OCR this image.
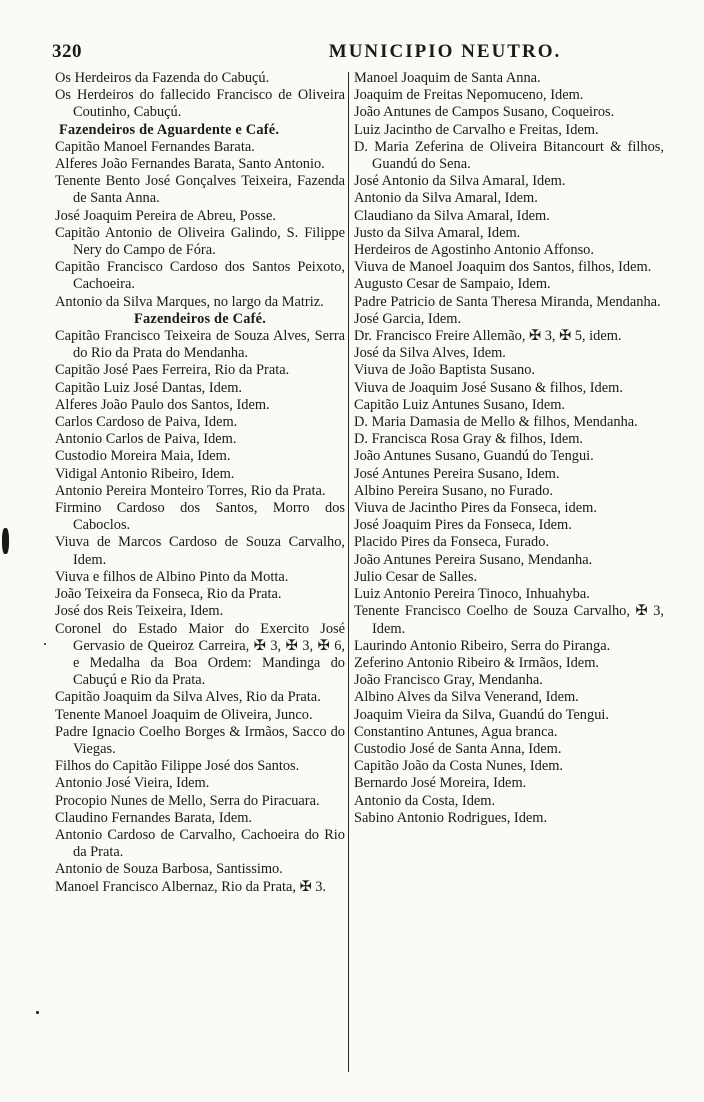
320	MUNICIPIO NEUTRO.

Os Herdeiros da Fazenda do Cabuçú.

Os Herdeiros do fallecido Francisco de Oliveira Coutinho, Cabuçú.

Fazendeiros de Aguardente e Café.

Capitão Manoel Fernandes Barata.

Alferes João Fernandes Barata, Santo Antonio.

Tenente Bento José Gonçalves Teixeira, Fazenda de Santa Anna.

José Joaquim Pereira de Abreu, Posse.

Capitão Antonio de Oliveira Galindo, S. Filippe Nery do Campo de Fóra.

Capitão Francisco Cardoso dos Santos Peixoto, Cachoeira.

Antonio da Silva Marques, no largo da Matriz.

Fazendeiros de Café.

Capitão Francisco Teixeira de Souza Alves, Serra do Rio da Prata do Mendanha.

Capitão José Paes Ferreira, Rio da Prata.

Capitão Luiz José Dantas, Idem.

Alferes João Paulo dos Santos, Idem.

Carlos Cardoso de Paiva, Idem.

Antonio Carlos de Paiva, Idem.

Custodio Moreira Maia, Idem.

Vidigal Antonio Ribeiro, Idem.

Antonio Pereira Monteiro Torres, Rio da Prata.

Firmino Cardoso dos Santos, Morro dos Caboclos.

Viuva de Marcos Cardoso de Souza Carvalho, Idem.

Viuva e filhos de Albino Pinto da Motta.

João Teixeira da Fonseca, Rio da Prata.

José dos Reis Teixeira, Idem.

Coronel do Estado Maior do Exercito José Gervasio de Queiroz Carreira, ✠ 3, ✠ 3, ✠ 6, e Medalha da Boa Ordem: Mandinga do Cabuçú e Rio da Prata.

Capitão Joaquim da Silva Alves, Rio da Prata.

Tenente Manoel Joaquim de Oliveira, Junco.

Padre Ignacio Coelho Borges & Irmãos, Sacco do Viegas.

Filhos do Capitão Filippe José dos Santos.

Antonio José Vieira, Idem.

Procopio Nunes de Mello, Serra do Piracuara.

Claudino Fernandes Barata, Idem.

Antonio Cardoso de Carvalho, Cachoeira do Rio da Prata.

Antonio de Souza Barbosa, Santissimo.

Manoel Francisco Albernaz, Rio da Prata, ✠ 3.

Manoel Joaquim de Santa Anna.

Joaquim de Freitas Nepomuceno, Idem.

João Antunes de Campos Susano, Coqueiros.

Luiz Jacintho de Carvalho e Freitas, Idem.

D. Maria Zeferina de Oliveira Bitancourt & filhos, Guandú do Sena.

José Antonio da Silva Amaral, Idem.

Antonio da Silva Amaral, Idem.

Claudiano da Silva Amaral, Idem.

Justo da Silva Amaral, Idem.

Herdeiros de Agostinho Antonio Affonso.

Viuva de Manoel Joaquim dos Santos, filhos, Idem.

Augusto Cesar de Sampaio, Idem.

Padre Patricio de Santa Theresa Miranda, Mendanha.

José Garcia, Idem.

Dr. Francisco Freire Allemão, ✠ 3, ✠ 5, idem.

José da Silva Alves, Idem.

Viuva de João Baptista Susano.

Viuva de Joaquim José Susano & filhos, Idem.

Capitão Luiz Antunes Susano, Idem.

D. Maria Damasia de Mello & filhos, Mendanha.

D. Francisca Rosa Gray & filhos, Idem.

João Antunes Susano, Guandú do Tengui.

José Antunes Pereira Susano, Idem.

Albino Pereira Susano, no Furado.

Viuva de Jacintho Pires da Fonseca, idem.

José Joaquim Pires da Fonseca, Idem.

Placido Pires da Fonseca, Furado.

João Antunes Pereira Susano, Mendanha.

Julio Cesar de Salles.

Luiz Antonio Pereira Tinoco, Inhuahyba.

Tenente Francisco Coelho de Souza Carvalho, ✠ 3, Idem.

Laurindo Antonio Ribeiro, Serra do Piranga.

Zeferino Antonio Ribeiro & Irmãos, Idem.

João Francisco Gray, Mendanha.

Albino Alves da Silva Venerand, Idem.

Joaquim Vieira da Silva, Guandú do Tengui.

Constantino Antunes, Agua branca.

Custodio José de Santa Anna, Idem.

Capitão João da Costa Nunes, Idem.

Bernardo José Moreira, Idem.

Antonio da Costa, Idem.

Sabino Antonio Rodrigues, Idem.
